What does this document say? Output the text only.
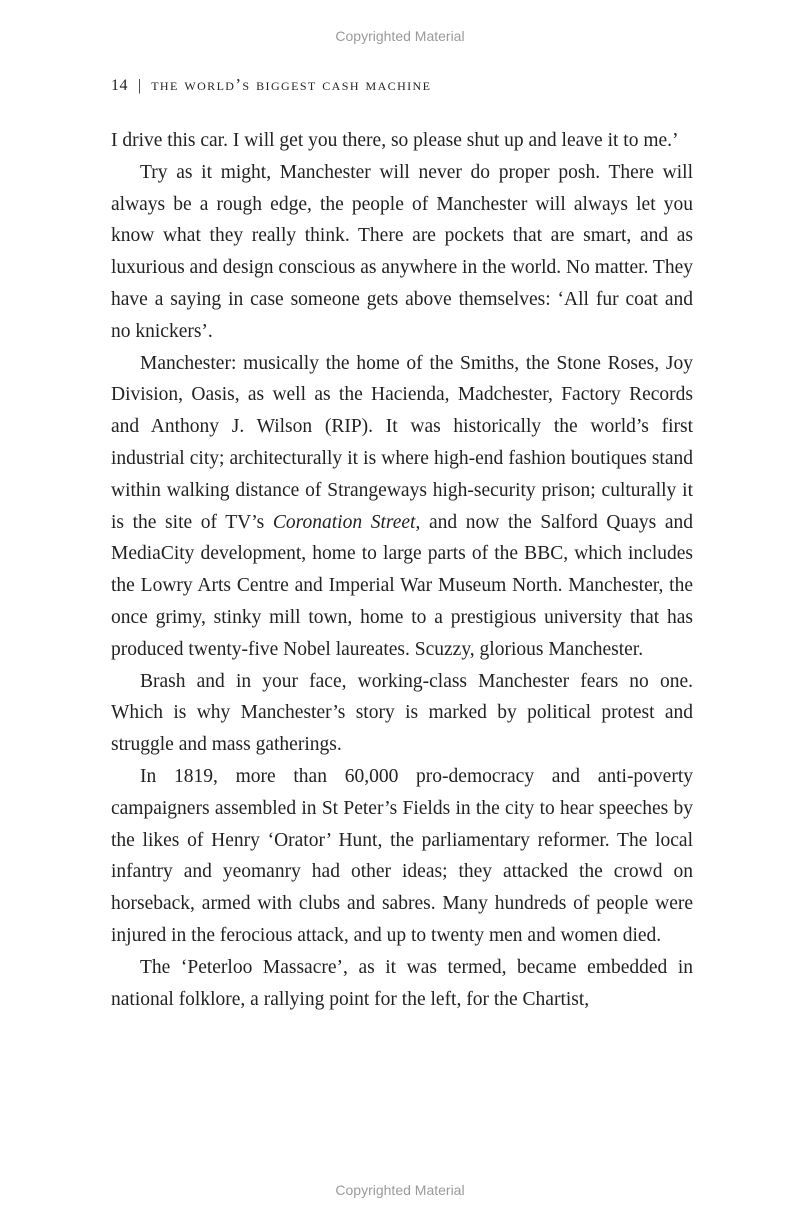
Copyrighted Material
14 | the world’s biggest cash machine

I drive this car. I will get you there, so please shut up and leave it to me.’

Try as it might, Manchester will never do proper posh. There will always be a rough edge, the people of Manchester will always let you know what they really think. There are pockets that are smart, and as luxurious and design conscious as anywhere in the world. No matter. They have a saying in case someone gets above themselves: ‘All fur coat and no knickers’.

Manchester: musically the home of the Smiths, the Stone Roses, Joy Division, Oasis, as well as the Hacienda, Madchester, Factory Records and Anthony J. Wilson (RIP). It was historically the world’s first industrial city; architecturally it is where high-end fashion boutiques stand within walking distance of Strangeways high-security prison; culturally it is the site of TV’s Coronation Street, and now the Salford Quays and MediaCity development, home to large parts of the BBC, which includes the Lowry Arts Centre and Imperial War Museum North. Manchester, the once grimy, stinky mill town, home to a prestigious university that has produced twenty-five Nobel laureates. Scuzzy, glorious Manchester.

Brash and in your face, working-class Manchester fears no one. Which is why Manchester’s story is marked by political protest and struggle and mass gatherings.

In 1819, more than 60,000 pro-democracy and anti-poverty campaigners assembled in St Peter’s Fields in the city to hear speeches by the likes of Henry ‘Orator’ Hunt, the parliamentary reformer. The local infantry and yeomanry had other ideas; they attacked the crowd on horseback, armed with clubs and sabres. Many hundreds of people were injured in the ferocious attack, and up to twenty men and women died.

The ‘Peterloo Massacre’, as it was termed, became embedded in national folklore, a rallying point for the left, for the Chartist,

Copyrighted Material
